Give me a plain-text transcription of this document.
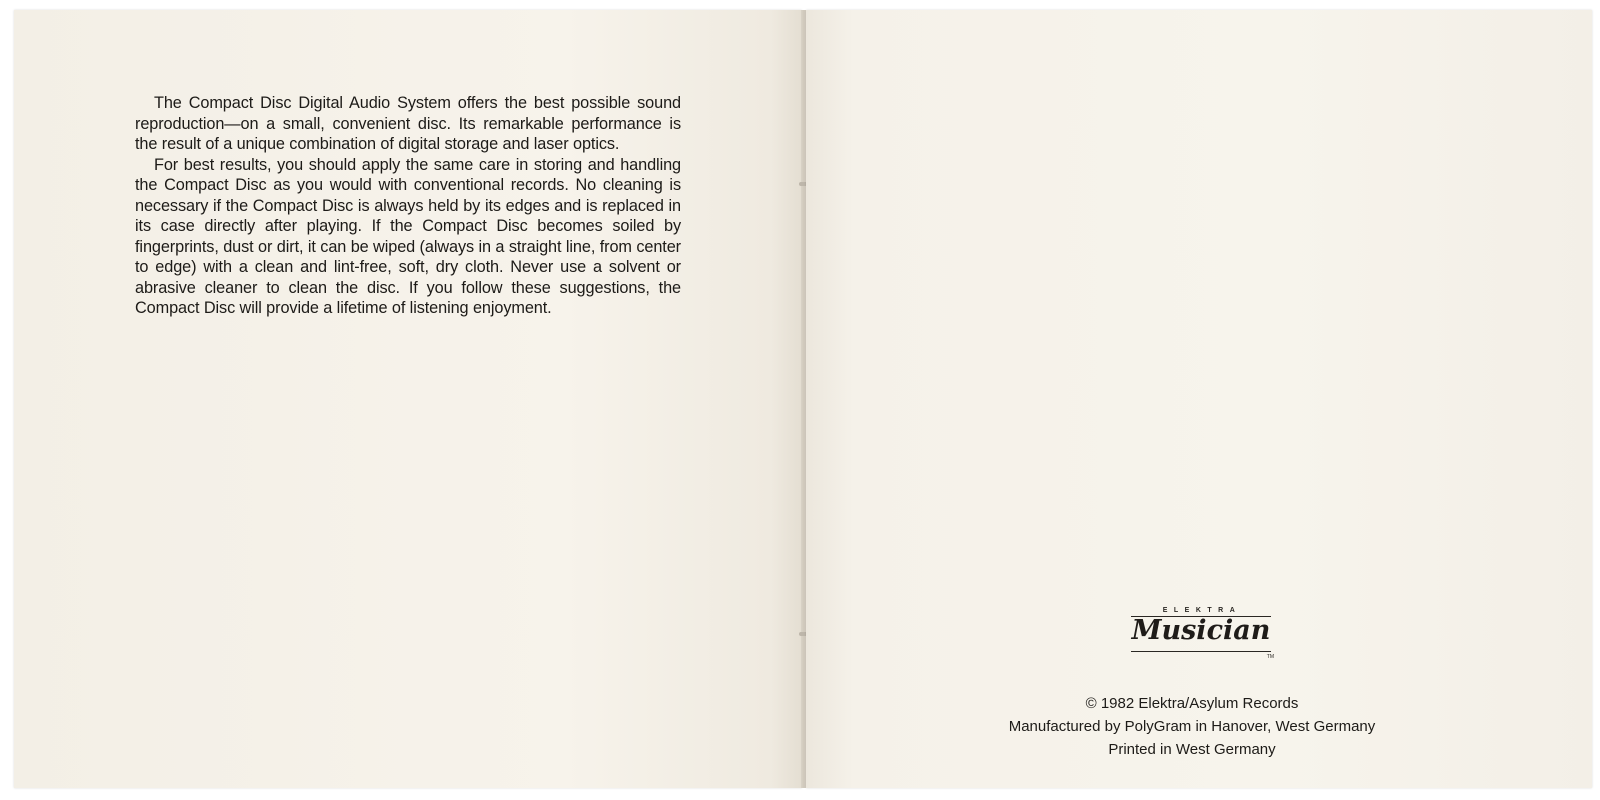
The Compact Disc Digital Audio System offers the best possible sound reproduction—on a small, convenient disc. Its remarkable performance is the result of a unique combination of digital storage and laser optics.

For best results, you should apply the same care in storing and handling the Compact Disc as you would with conventional records. No cleaning is necessary if the Compact Disc is always held by its edges and is replaced in its case directly after playing. If the Compact Disc becomes soiled by fingerprints, dust or dirt, it can be wiped (always in a straight line, from center to edge) with a clean and lint-free, soft, dry cloth. Never use a solvent or abrasive cleaner to clean the disc. If you follow these suggestions, the Compact Disc will provide a lifetime of listening enjoyment.

ELEKTRA
Musician
TM
© 1982 Elektra/Asylum Records
Manufactured by PolyGram in Hanover, West Germany
Printed in West Germany
